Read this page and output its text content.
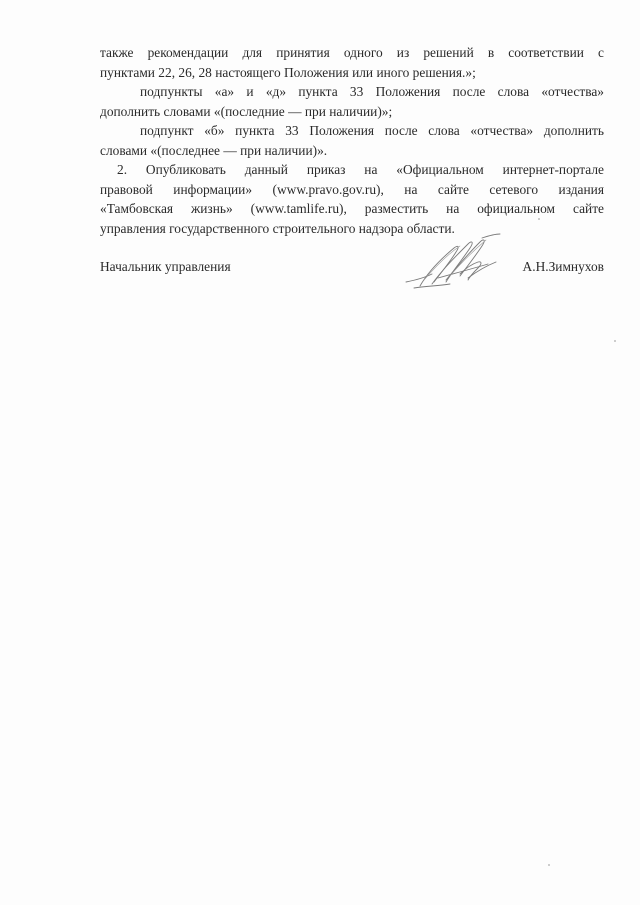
также рекомендации для принятия одного из решений в соответствии с
пунктами 22, 26, 28 настоящего Положения или иного решения.»;
подпункты «а» и «д» пункта 33 Положения после слова «отчества»
дополнить словами «(последние — при наличии)»;
подпункт «б» пункта 33 Положения после слова «отчества» дополнить
словами «(последнее — при наличии)».
2. Опубликовать данный приказ на «Официальном интернет-портале
правовой информации» (www.pravo.gov.ru), на сайте сетевого издания
«Тамбовская жизнь» (www.tamlife.ru), разместить на официальном сайте
управления государственного строительного надзора области.
Начальник управления	А.Н.Зимнухов
